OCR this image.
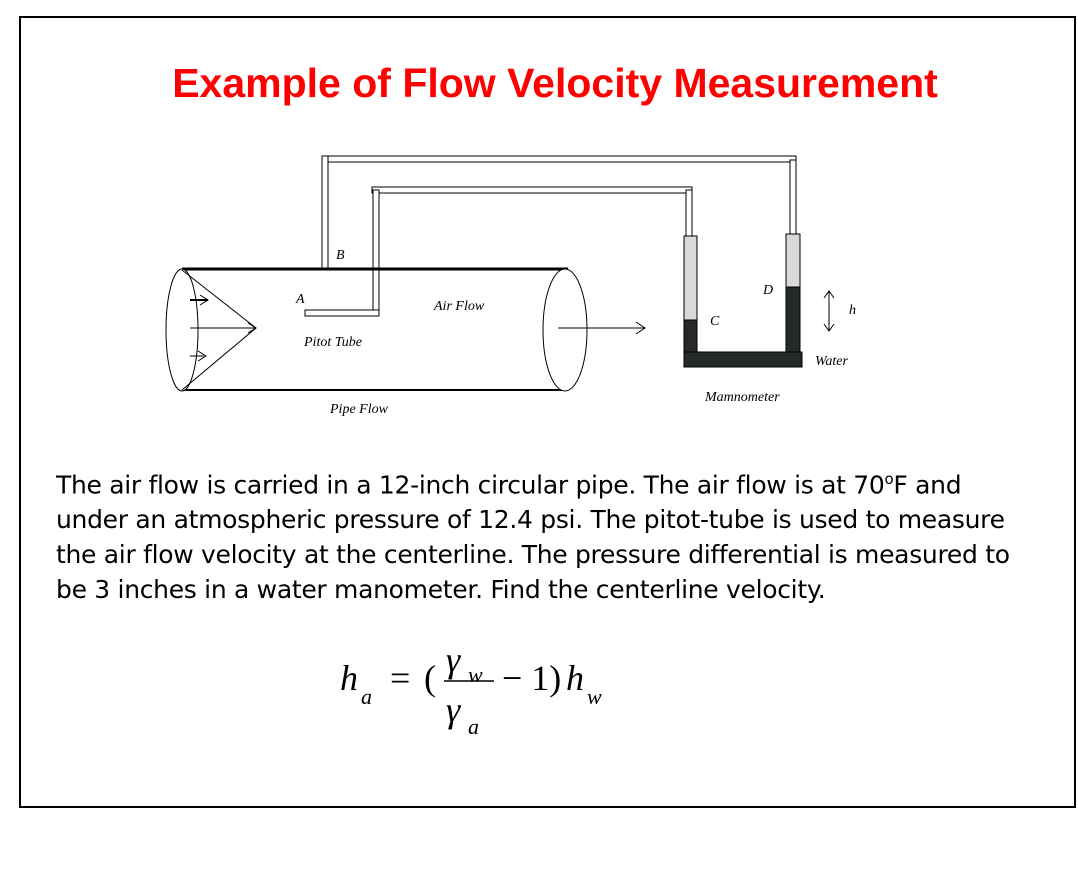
Example of Flow Velocity Measurement
B
A	Air Flow
Pitot Tube
Pipe Flow
C
D
h
Water
Mamnometer
h a = ( γ w
γ a
− 1) h w
The air flow is carried in a 12-inch circular pipe. The air flow is at 70$^o$F and under an atmospheric pressure of 12.4 psi. The pitot-tube is used to measure the air flow velocity at the centerline. The pressure differential is measured to be 3 inches in a water manometer. Find the centerline velocity.
